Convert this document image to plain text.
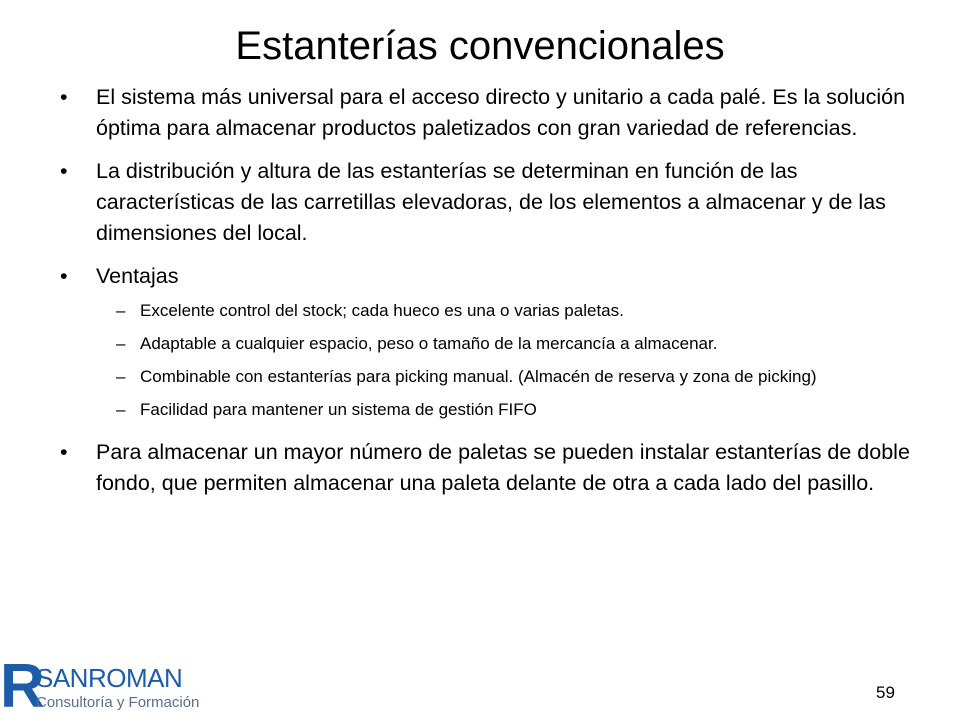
Estanterías convencionales
• El sistema más universal para el acceso directo y unitario a cada palé. Es la solución óptima para almacenar productos paletizados con gran variedad de referencias.
• La distribución y altura de las estanterías se determinan en función de las características de las carretillas elevadoras, de los elementos a almacenar y de las dimensiones del local.
• Ventajas
– Excelente control del stock; cada hueco es una o varias paletas.
– Adaptable a cualquier espacio, peso o tamaño de la mercancía a almacenar.
– Combinable con estanterías para picking manual. (Almacén de reserva y zona de picking)
– Facilidad para mantener un sistema de gestión FIFO
• Para almacenar un mayor número de paletas se pueden instalar estanterías de doble fondo, que permiten almacenar una paleta delante de otra a cada lado del pasillo.
R
SANROMAN
Consultoría y Formación
59
